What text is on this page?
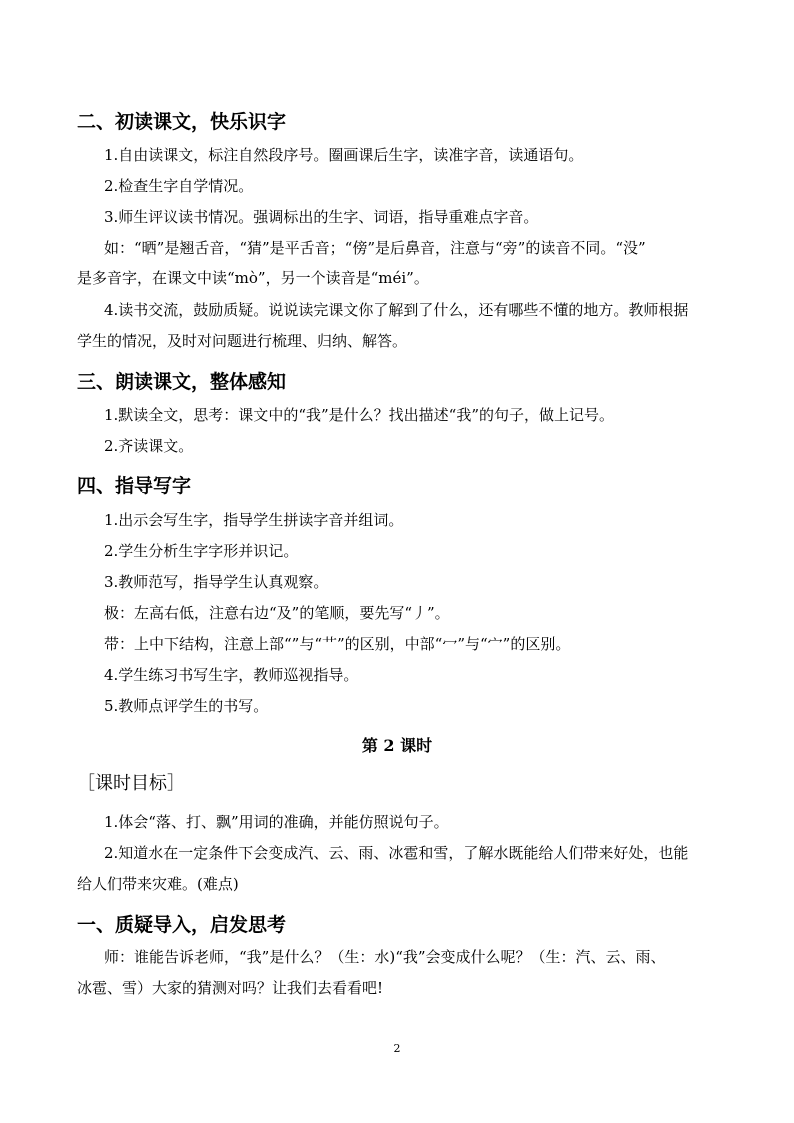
二、初读课文，快乐识字
1.自由读课文，标注自然段序号。圈画课后生字，读准字音，读通语句。
2.检查生字自学情况。
3.师生评议读书情况。强调标出的生字、词语，指导重难点字音。
如：“晒”是翘舌音，“猜”是平舌音；“傍”是后鼻音，注意与“旁”的读音不同。“没”
是多音字，在课文中读“mò”，另一个读音是“méi”。
4.读书交流，鼓励质疑。说说读完课文你了解到了什么，还有哪些不懂的地方。教师根据
学生的情况，及时对问题进行梳理、归纳、解答。
三、朗读课文，整体感知
1.默读全文，思考：课文中的“我”是什么？找出描述“我”的句子，做上记号。
2.齐读课文。
四、指导写字
1.出示会写生字，指导学生拼读字音并组词。
2.学生分析生字字形并识记。
3.教师范写，指导学生认真观察。
极：左高右低，注意右边“及”的笔顺，要先写“丿”。
带：上中下结构，注意上部“”与“艹”的区别，中部“冖”与“宀”的区别。
4.学生练习书写生字，教师巡视指导。
5.教师点评学生的书写。
第 2 课时
［课时目标］
1.体会“落、打、飘”用词的准确，并能仿照说句子。
2.知道水在一定条件下会变成汽、云、雨、冰雹和雪，了解水既能给人们带来好处，也能
给人们带来灾难。(难点)
一、质疑导入，启发思考
师：谁能告诉老师，“我”是什么？（生：水)“我”会变成什么呢？（生：汽、云、雨、
冰雹、雪）大家的猜测对吗？让我们去看看吧!
2
